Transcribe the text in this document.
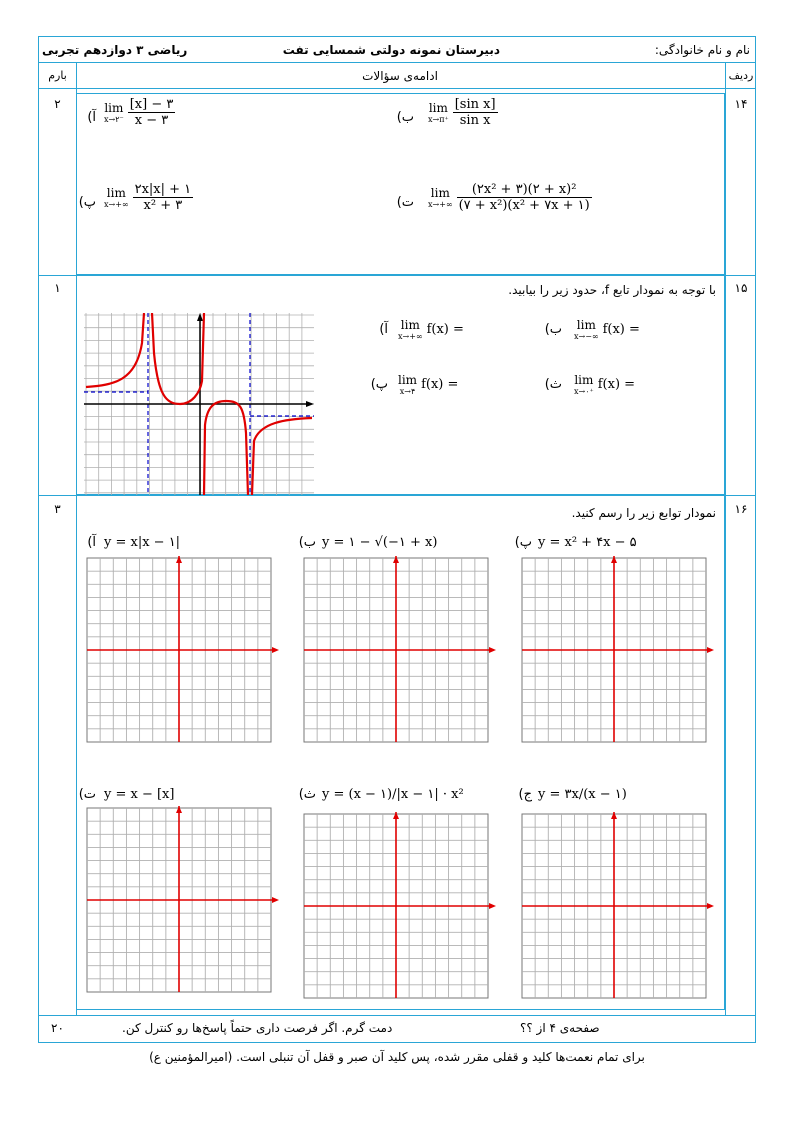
نام و نام خانوادگی:
دبیرستان نمونه دولتی شمسایی تفت
ریاضی ۳ دوازدهم تجربی
ردیف
ادامه‌ی سؤالات
بارم
۱۴
۲
آ)
lim
x→۲⁻ $\frac{[x] - ۳}{x - ۳}$	ب)
lim
$x\to\pi^+ \frac{\text{[sin x]}}{\text{sin x}}$
پ)
lim
$x\to+\infty \frac{۲x|x| + ۱}{\text{x² + ۳}}$	ت)
lim
$x\to+\infty \frac{\text{(۲x² + ۳)(۲ + x)²}}{\text{(۷ + x²)(x² + ۷x + ۱)}}$
۱۵
۱	با توجه به نمودار تابع f، حدود زیر را بیابید.
آ) lim
x→+∞ f(x) =	ب) lim
x→−∞ f(x) =
پ) lim
x→۴ f(x) =	ث) lim
x→۰⁺ f(x) =
۱۶
۳	نمودار توابع زیر را رسم کنید.
آ) y = x|x − ۱|	ب) y = ۱ − √(−۱ + x)	پ) y = x² + ۴x − ۵
ت) y = x − [x]	ث) y = (x − ۱)/|x − ۱| · x²	ج) y = ۳x/(x − ۱)
۲۰	دمت گرم. اگر فرصت داری حتماً پاسخ‌ها رو کنترل کن.	صفحه‌ی ۴ از ؟؟
برای تمام نعمت‌ها کلید و قفلی مقرر شده، پس کلید آن صبر و قفل آن تنبلی است. (امیرالمؤمنین ع)
